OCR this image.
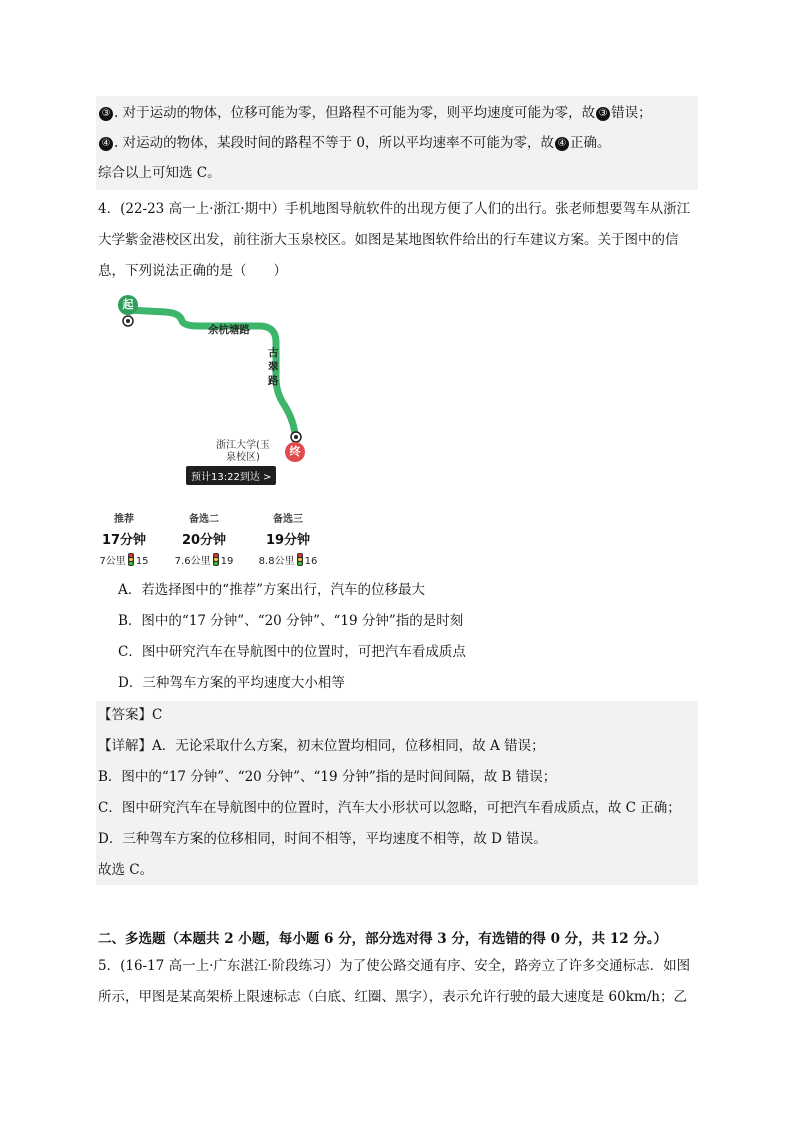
③ . 对于运动的物体，位移可能为零，但路程不可能为零，则平均速度可能为零，故 ③ 错误；
④ . 对运动的物体，某段时间的路程不等于 0，所以平均速率不可能为零，故 ④ 正确。
综合以上可知选 C。
4．(22-23 高一上·浙江·期中）手机地图导航软件的出现方便了人们的出行。张老师想要驾车从浙江
大学紫金港校区出发，前往浙大玉泉校区。如图是某地图软件给出的行车建议方案。关于图中的信
息，下列说法正确的是（　　）
起
终
余杭塘路
古
翠
路
浙江大学(玉
泉校区)
预计13:22到达 >
推荐
17分钟
7公里 15
备选二
20分钟
7.6公里 19
备选三
19分钟
8.8公里 16
A．若选择图中的“推荐”方案出行，汽车的位移最大
B．图中的“17 分钟”、“20 分钟”、“19 分钟”指的是时刻
C．图中研究汽车在导航图中的位置时，可把汽车看成质点
D．三种驾车方案的平均速度大小相等
【答案】C
【详解】A．无论采取什么方案，初末位置均相同，位移相同，故 A 错误；
B．图中的“17 分钟”、“20 分钟”、“19 分钟”指的是时间间隔，故 B 错误；
C．图中研究汽车在导航图中的位置时，汽车大小形状可以忽略，可把汽车看成质点，故 C 正确；
D．三种驾车方案的位移相同，时间不相等，平均速度不相等，故 D 错误。
故选 C。
二、多选题（本题共 2 小题，每小题 6 分，部分选对得 3 分，有选错的得 0 分，共 12 分。）
5．(16-17 高一上·广东湛江·阶段练习）为了使公路交通有序、安全，路旁立了许多交通标志．如图
所示，甲图是某高架桥上限速标志（白底、红圈、黑字），表示允许行驶的最大速度是 60km/h；乙
